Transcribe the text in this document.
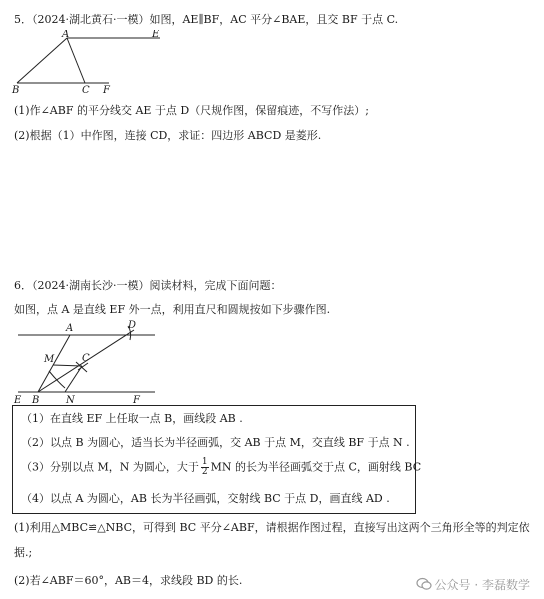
5．（2024·湖北黄石·一模）如图，AE∥BF，AC 平分∠BAE，且交 BF 于点 C.
A	E
B	C F
(1)作∠ABF 的平分线交 AE 于点 D（尺规作图，保留痕迹，不写作法）;
(2)根据（1）中作图，连接 CD，求证：四边形 ABCD 是菱形.
6．（2024·湖南长沙·一模）阅读材料，完成下面问题：
如图，点 A 是直线 EF 外一点，利用直尺和圆规按如下步骤作图.
A	D
M	C
E B	N	F
（1）在直线 EF 上任取一点 B，画线段 AB .
（2）以点 B 为圆心，适当长为半径画弧，交 AB 于点 M，交直线 BF 于点 N .
（3）分别以点 M，N 为圆心，大于 $\frac{1}{2}$ MN 的长为半径画弧交于点 C，画射线 BC
（4）以点 A 为圆心，AB 长为半径画弧，交射线 BC 于点 D，画直线 AD .
(1)利用△MBC≌△NBC，可得到 BC 平分∠ABF，请根据作图过程，直接写出这两个三角形全等的判定依
据.;
(2)若∠ABF＝60°，AB＝4，求线段 BD 的长.	公众号 · 李磊数学
